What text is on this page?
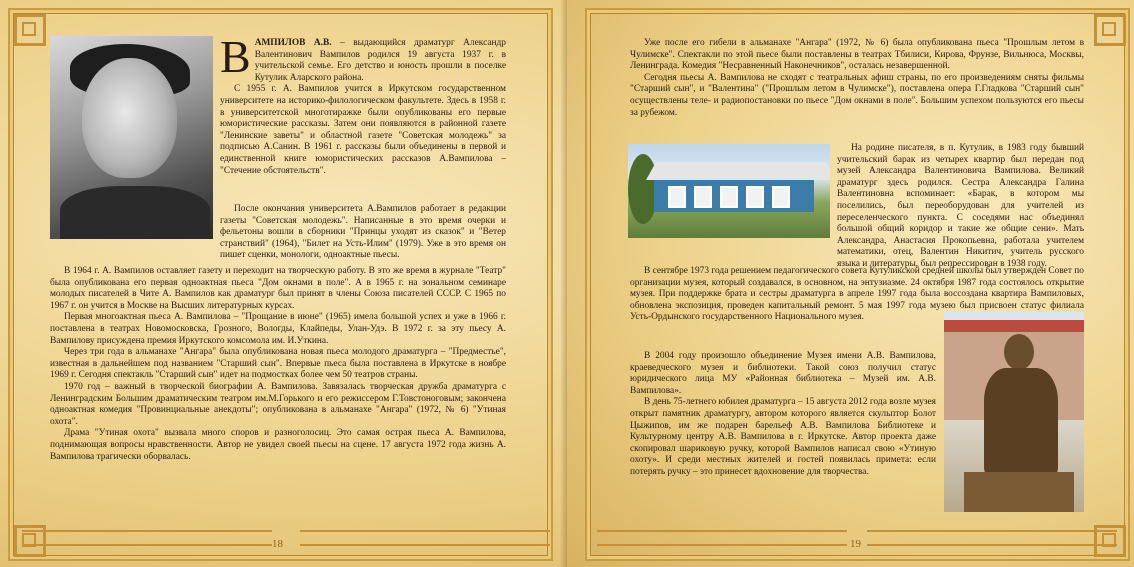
18

В АМПИЛОВ А.В. – выдающийся драматург Александр Валентинович Вампилов родился 19 августа 1937 г. в учительской семье. Его детство и юность прошли в поселке Кутулик Аларского района.

С 1955 г. А. Вампилов учится в Иркутском государственном университете на историко-филологическом факультете. Здесь в 1958 г. в университетской многотиражке были опубликованы его первые юмористические рассказы. Затем они появляются в районной газете "Ленинские заветы" и областной газете "Советская молодежь" за подписью А.Санин. В 1961 г. рассказы были объединены в первой и единственной книге юмористических рассказов А.Вампилова – "Стечение обстоятельств".

После окончания университета А.Вампилов работает в редакции газеты "Советская молодежь". Написанные в это время очерки и фельетоны вошли в сборники "Принцы уходят из сказок" и "Ветер странствий" (1964), "Билет на Усть-Илим" (1979). Уже в это время он пишет сценки, монологи, одноактные пьесы.

В 1964 г. А. Вампилов оставляет газету и переходит на творческую работу. В это же время в журнале "Театр" была опубликована его первая одноактная пьеса "Дом окнами в поле". А в 1965 г. на зональном семинаре молодых писателей в Чите А. Вампилов как драматург был принят в члены Союза писателей СССР. С 1965 по 1967 г. он учится в Москве на Высших литературных курсах.

Первая многоактная пьеса А. Вампилова – "Прощание в июне" (1965) имела большой успех и уже в 1966 г. поставлена в театрах Новомосковска, Грозного, Вологды, Клайпеды, Улан-Удэ. В 1972 г. за эту пьесу А. Вампилову присуждена премия Иркутского комсомола им. И.Уткина.

Через три года в альманахе "Ангара" была опубликована новая пьеса молодого драматурга – "Предместье", известная в дальнейшем под названием "Старший сын". Впервые пьеса была поставлена в Иркутске в ноябре 1969 г. Сегодня спектакль "Старший сын" идет на подмостках более чем 50 театров страны.

1970 год – важный в творческой биографии А. Вампилова. Завязалась творческая дружба драматурга с Ленинградским Большим драматическим театром им.М.Горького и его режиссером Г.Товстоноговым; закончена одноактная комедия "Провинциальные анекдоты"; опубликована в альманахе "Ангара" (1972, № 6) "Утиная охота".

Драма "Утиная охота" вызвала много споров и разноголосиц. Это самая острая пьеса А. Вампилова, поднимающая вопросы нравственности. Автор не увидел своей пьесы на сцене. 17 августа 1972 года жизнь А. Вампилова трагически оборвалась.

19

Уже после его гибели в альманахе "Ангара" (1972, № 6) была опубликована пьеса "Прошлым летом в Чулимске". Спектакли по этой пьесе были поставлены в театрах Тбилиси, Кирова, Фрунзе, Вильнюса, Москвы, Ленинграда. Комедия "Несравненный Наконечников", осталась незавершенной.

Сегодня пьесы А. Вампилова не сходят с театральных афиш страны, по его произведениям сняты фильмы "Старший сын", и "Валентина" ("Прошлым летом в Чулимске"), поставлена опера Г.Гладкова "Старший сын" осуществлены теле- и радиопостановки по пьесе "Дом окнами в поле". Большим успехом пользуются его пьесы за рубежом.

На родине писателя, в п. Кутулик, в 1983 году бывший учительский барак из четырех квартир был передан под музей Александра Валентиновича Вампилова. Великий драматург здесь родился. Сестра Александра Галина Валентиновна вспоминает: «Барак, в котором мы поселились, был переоборудован для учителей из переселенческого пункта. С соседями нас объединял большой общий коридор и такие же общие сени». Мать Александра, Анастасия Прокопьевна, работала учителем математики, отец, Валентин Никитич, учитель русского языка и литературы, был репрессирован в 1938 году.

В сентябре 1973 года решением педагогического совета Кутуликской средней школы был утвержден Совет по организации музея, который создавался, в основном, на энтузиазме. 24 октября 1987 года состоялось открытие музея. При поддержке брата и сестры драматурга в апреле 1997 года была воссоздана квартира Вампиловых, обновлена экспозиция, проведен капитальный ремонт. 5 мая 1997 года музею был присвоен статус филиала Усть-Ордынского государственного Национального музея.

В 2004 году произошло объединение Музея имени А.В. Вампилова, краеведческого музея и библиотеки. Такой союз получил статус юридического лица МУ «Районная библиотека – Музей им. А.В. Вампилова».

В день 75-летнего юбилея драматурга – 15 августа 2012 года возле музея открыт памятник драматургу, автором которого является скульптор Болот Цыжипов, им же подарен барельеф А.В. Вампилова Библиотеке и Культурному центру А.В. Вампилова в г. Иркутске. Автор проекта даже скопировал шариковую ручку, которой Вампилов написал свою «Утиную охоту». И среди местных жителей и гостей появилась примета: если потерять ручку – это принесет вдохновение для творчества.
